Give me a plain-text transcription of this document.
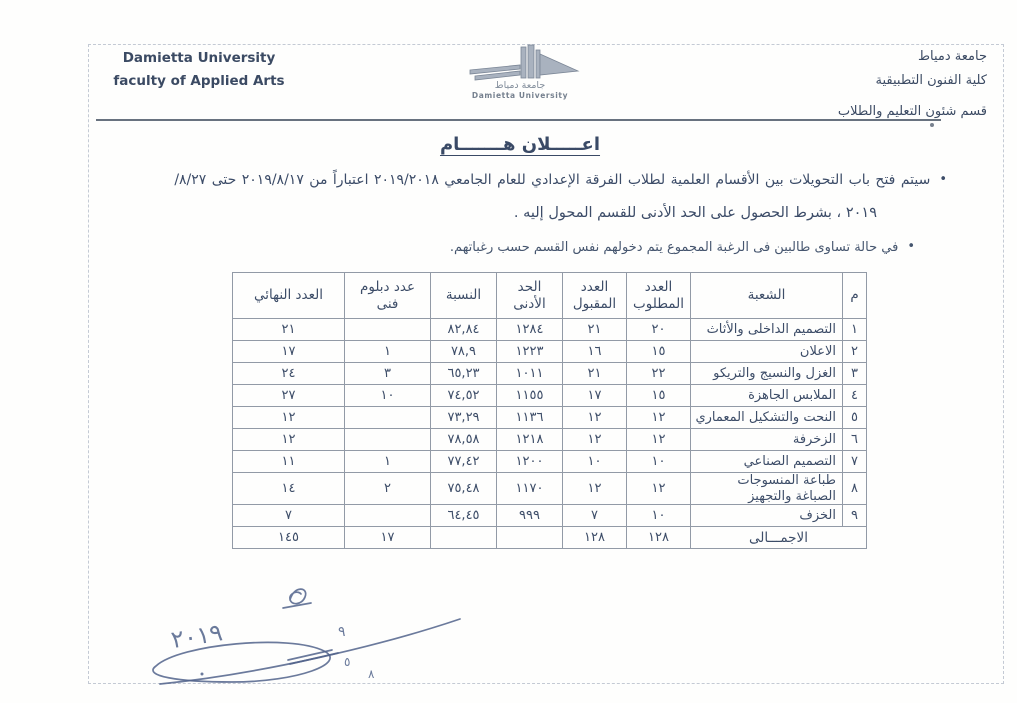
Damietta University
faculty of Applied Arts	جامعة دمياط
Damietta University
جامعة دمياط
كلية الفنون التطبيقية
قسم شئون التعليم والطلاب
اعـــــلان هـــــــام
•سيتم فتح باب التحويلات بين الأقسام العلمية لطلاب الفرقة الإعدادي للعام الجامعي ٢٠١٩/٢٠١٨ اعتباراً من ٢٠١٩/٨/١٧ حتى ٨/٢٧/
٢٠١٩ ، بشرط الحصول على الحد الأدنى للقسم المحول إليه .
•في حالة تساوى طالبين فى الرغبة المجموع يتم دخولهم نفس القسم حسب رغباتهم.
م	الشعبة	العدد المطلوب	العدد المقبول	الحد الأدنى	النسبة	عدد دبلوم فنى	العدد النهائي
١	التصميم الداخلى والأثاث	٢٠	٢١	١٢٨٤	٨٢,٨٤		٢١
٢	الاعلان	١٥	١٦	١٢٢٣	٧٨,٩	١	١٧
٣	الغزل والنسيج والتريكو	٢٢	٢١	١٠١١	٦٥,٢٣	٣	٢٤
٤	الملابس الجاهزة	١٥	١٧	١١٥٥	٧٤,٥٢	١٠	٢٧
٥	النحت والتشكيل المعماري	١٢	١٢	١١٣٦	٧٣,٢٩		١٢
٦	الزخرفة	١٢	١٢	١٢١٨	٧٨,٥٨		١٢
٧	التصميم الصناعي	١٠	١٠	١٢٠٠	٧٧,٤٢	١	١١
٨	طباعة المنسوجات الصباغة والتجهيز	١٢	١٢	١١٧٠	٧٥,٤٨	٢	١٤
٩	الخزف	١٠	٧	٩٩٩	٦٤,٤٥		٧
الاجمـــالى		١٢٨	١٢٨			١٧	١٤٥
٢٠١٩	٩
٥
٨
